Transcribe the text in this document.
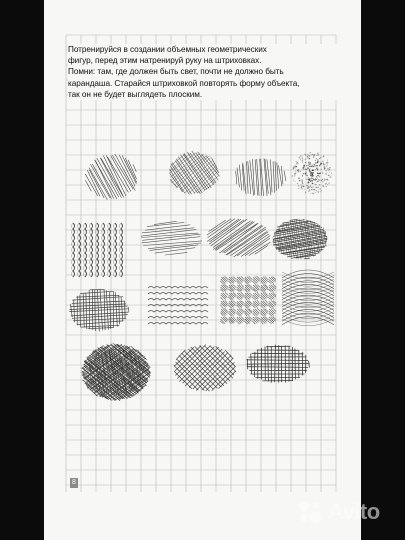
Потренируйся в создании объемных геометрических
фигур, перед этим натренируй руку на штриховках.
Помни: там, где должен быть свет, почти не должно быть
карандаша. Старайся штриховкой повторять форму объекта,
так он не будет выглядеть плоским.
8
Avito
